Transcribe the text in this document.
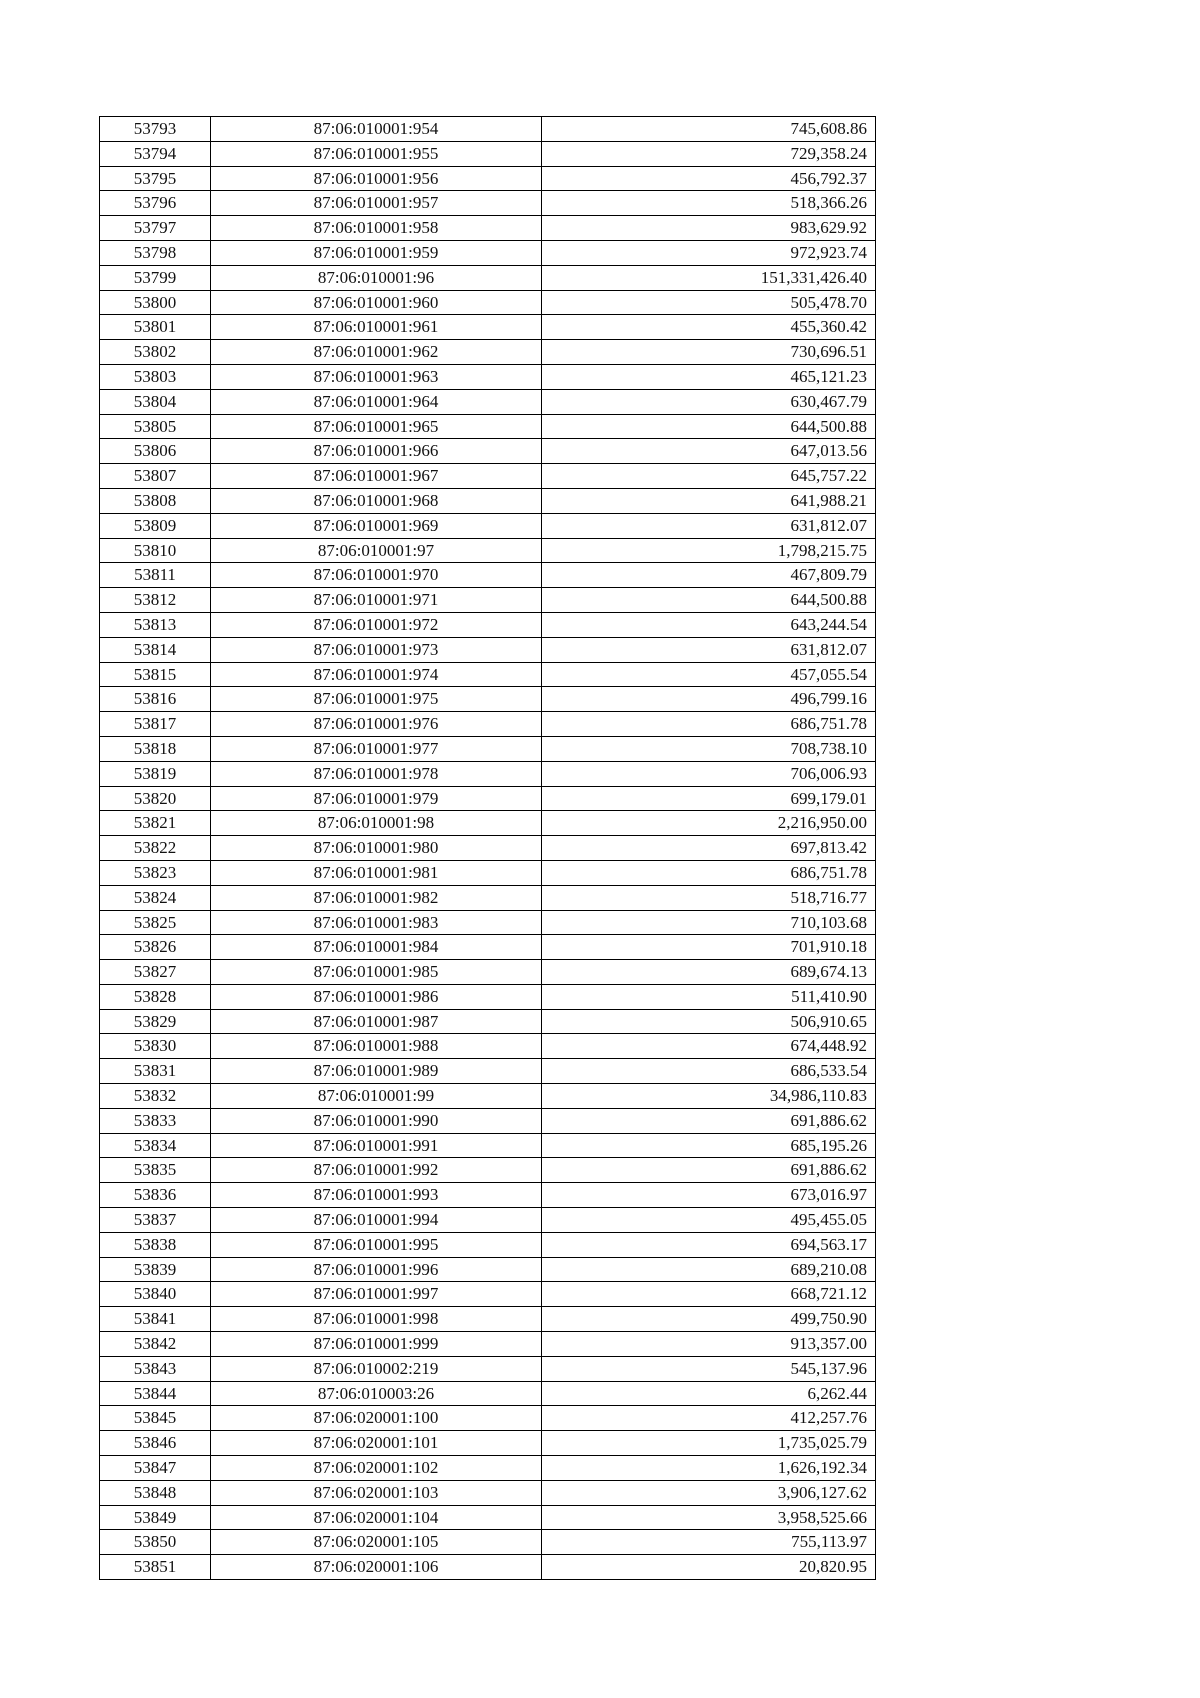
53793	87:06:010001:954	745,608.86
53794	87:06:010001:955	729,358.24
53795	87:06:010001:956	456,792.37
53796	87:06:010001:957	518,366.26
53797	87:06:010001:958	983,629.92
53798	87:06:010001:959	972,923.74
53799	87:06:010001:96	151,331,426.40
53800	87:06:010001:960	505,478.70
53801	87:06:010001:961	455,360.42
53802	87:06:010001:962	730,696.51
53803	87:06:010001:963	465,121.23
53804	87:06:010001:964	630,467.79
53805	87:06:010001:965	644,500.88
53806	87:06:010001:966	647,013.56
53807	87:06:010001:967	645,757.22
53808	87:06:010001:968	641,988.21
53809	87:06:010001:969	631,812.07
53810	87:06:010001:97	1,798,215.75
53811	87:06:010001:970	467,809.79
53812	87:06:010001:971	644,500.88
53813	87:06:010001:972	643,244.54
53814	87:06:010001:973	631,812.07
53815	87:06:010001:974	457,055.54
53816	87:06:010001:975	496,799.16
53817	87:06:010001:976	686,751.78
53818	87:06:010001:977	708,738.10
53819	87:06:010001:978	706,006.93
53820	87:06:010001:979	699,179.01
53821	87:06:010001:98	2,216,950.00
53822	87:06:010001:980	697,813.42
53823	87:06:010001:981	686,751.78
53824	87:06:010001:982	518,716.77
53825	87:06:010001:983	710,103.68
53826	87:06:010001:984	701,910.18
53827	87:06:010001:985	689,674.13
53828	87:06:010001:986	511,410.90
53829	87:06:010001:987	506,910.65
53830	87:06:010001:988	674,448.92
53831	87:06:010001:989	686,533.54
53832	87:06:010001:99	34,986,110.83
53833	87:06:010001:990	691,886.62
53834	87:06:010001:991	685,195.26
53835	87:06:010001:992	691,886.62
53836	87:06:010001:993	673,016.97
53837	87:06:010001:994	495,455.05
53838	87:06:010001:995	694,563.17
53839	87:06:010001:996	689,210.08
53840	87:06:010001:997	668,721.12
53841	87:06:010001:998	499,750.90
53842	87:06:010001:999	913,357.00
53843	87:06:010002:219	545,137.96
53844	87:06:010003:26	6,262.44
53845	87:06:020001:100	412,257.76
53846	87:06:020001:101	1,735,025.79
53847	87:06:020001:102	1,626,192.34
53848	87:06:020001:103	3,906,127.62
53849	87:06:020001:104	3,958,525.66
53850	87:06:020001:105	755,113.97
53851	87:06:020001:106	20,820.95
